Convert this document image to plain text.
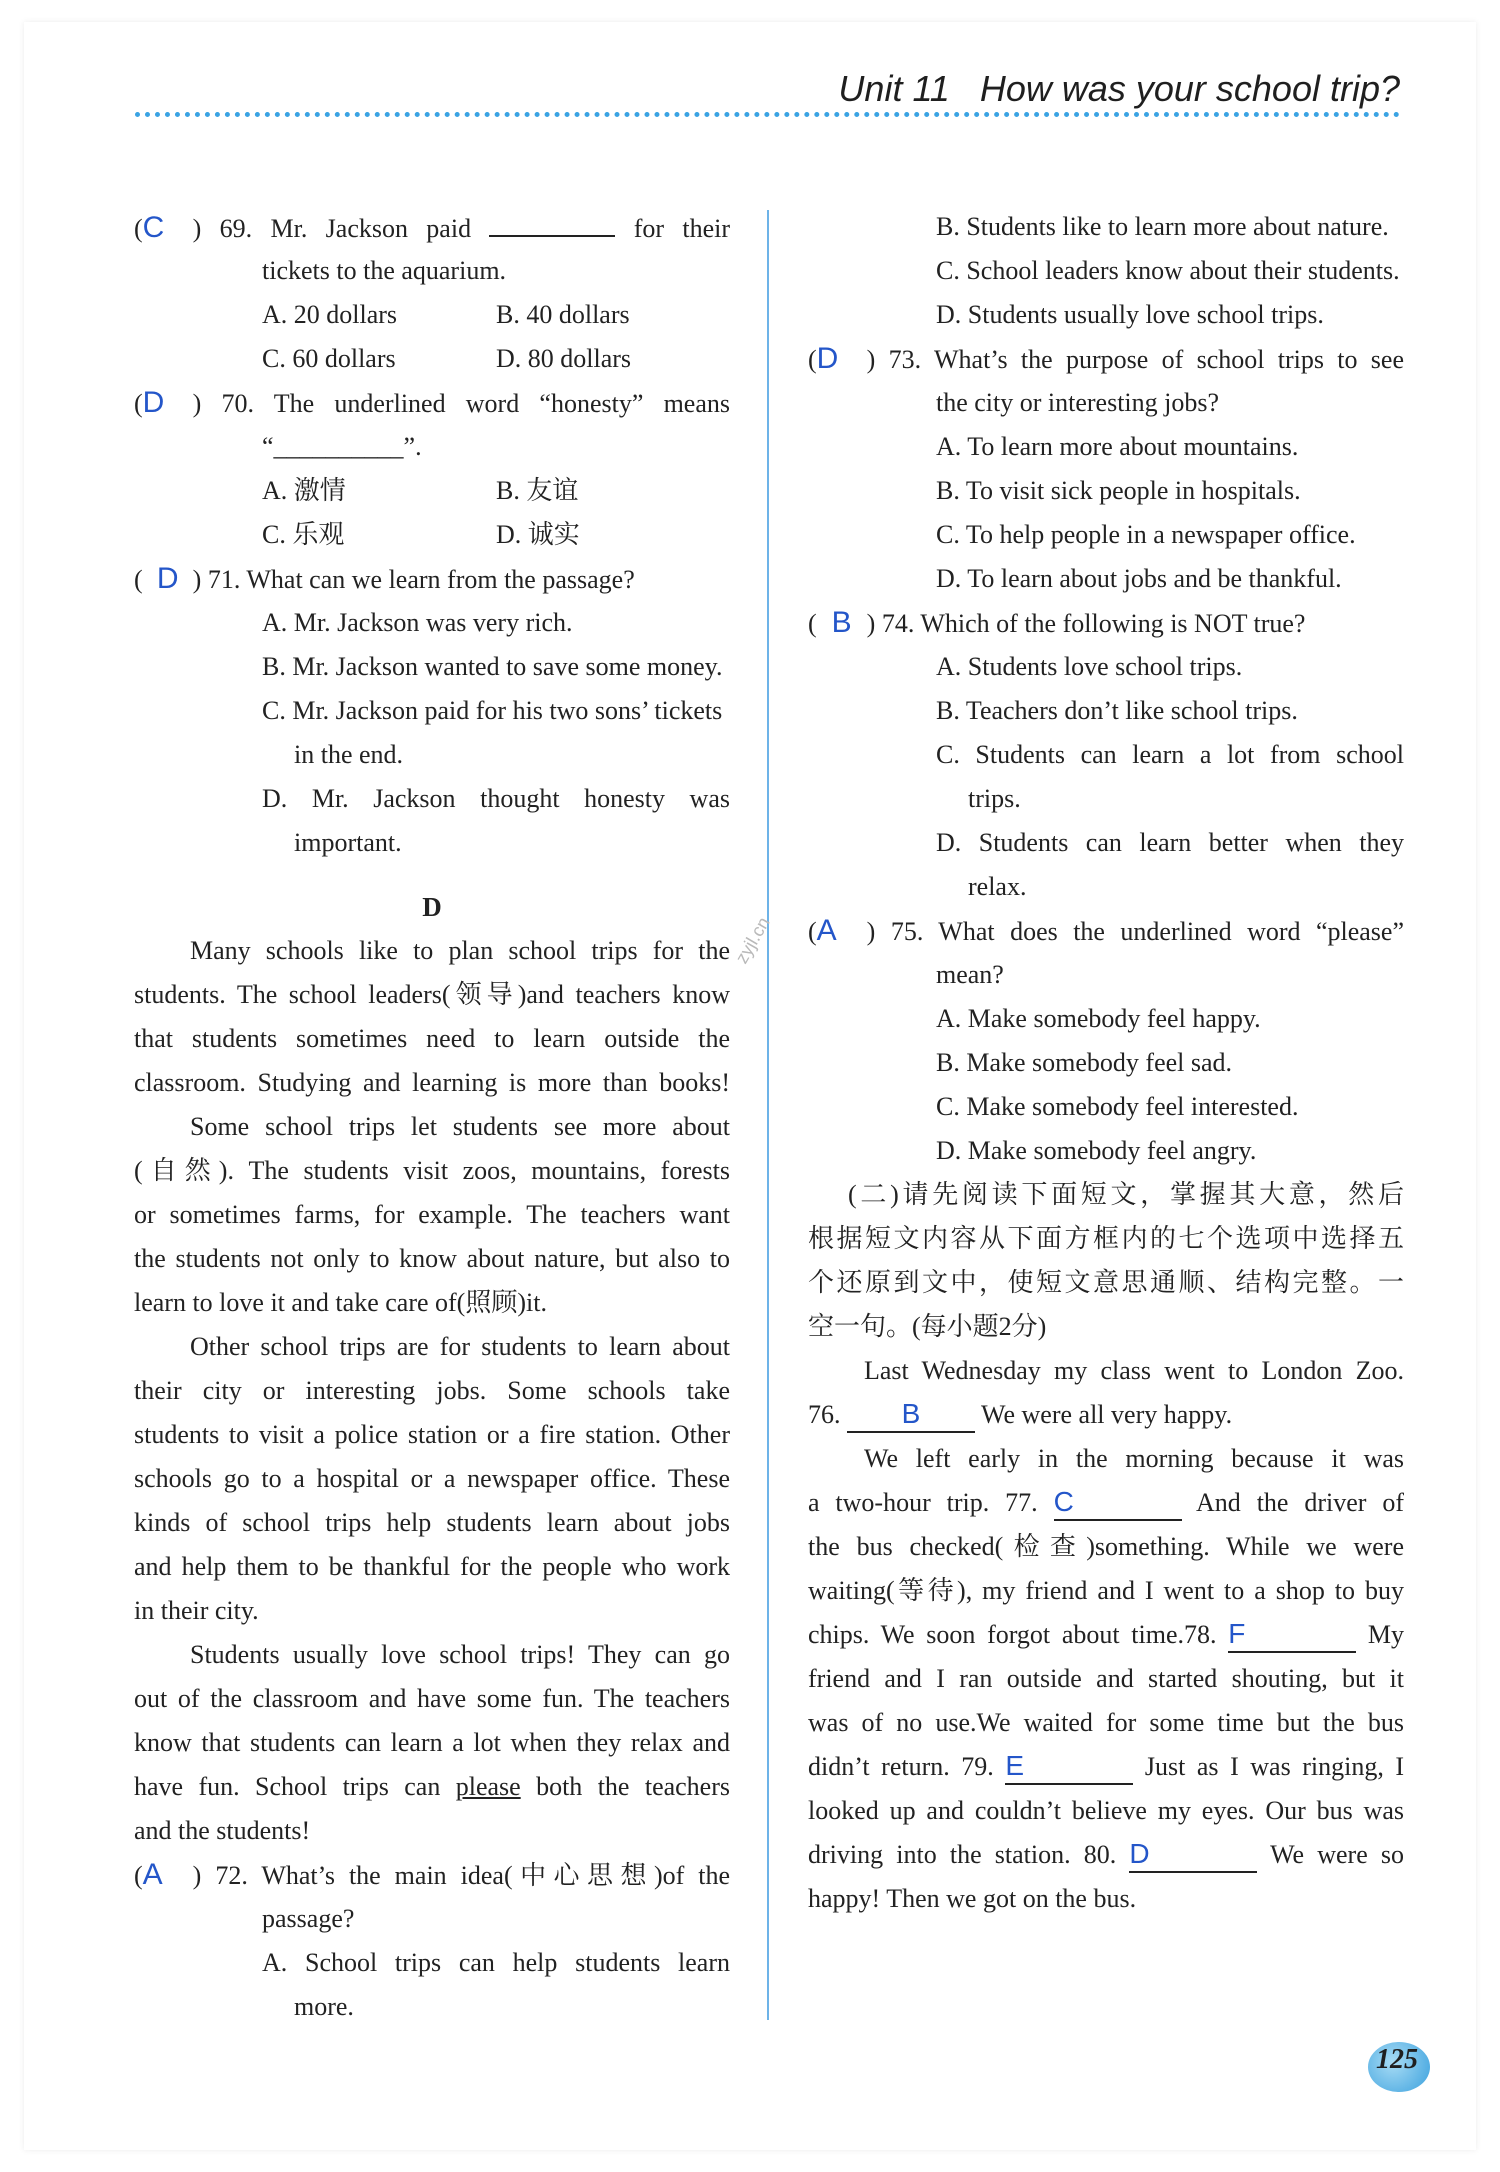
Unit 11 How was your school trip?
zyjl.cn
(C ) 69. Mr. Jackson paid	for their
tickets to the aquarium.
A. 20 dollars	B. 40 dollars
C. 60 dollars	D. 80 dollars
(D ) 70. The underlined word “honesty” means
“__________”.
A. 激情	B. 友谊
C. 乐观	D. 诚实
( D ) 71. What can we learn from the passage?
A. Mr. Jackson was very rich.
B. Mr. Jackson wanted to save some money.
C. Mr. Jackson paid for his two sons’ tickets
in the end.
D. Mr. Jackson thought honesty was
important.
D
Many schools like to plan school trips for the
students. The school leaders(领导)and teachers know
that students sometimes need to learn outside the
classroom. Studying and learning is more than books!
Some school trips let students see more about
(自然). The students visit zoos, mountains, forests
or sometimes farms, for example. The teachers want
the students not only to know about nature, but also to
learn to love it and take care of(照顾)it.
Other school trips are for students to learn about
their city or interesting jobs. Some schools take
students to visit a police station or a fire station. Other
schools go to a hospital or a newspaper office. These
kinds of school trips help students learn about jobs
and help them to be thankful for the people who work
in their city.
Students usually love school trips! They can go
out of the classroom and have some fun. The teachers
know that students can learn a lot when they relax and
have fun. School trips can please both the teachers
and the students!
(A ) 72. What’s the main idea(中心思想)of the
passage?
A. School trips can help students learn
more.
B. Students like to learn more about nature.
C. School leaders know about their students.
D. Students usually love school trips.
(D ) 73. What’s the purpose of school trips to see
the city or interesting jobs?
A. To learn more about mountains.
B. To visit sick people in hospitals.
C. To help people in a newspaper office.
D. To learn about jobs and be thankful.
( B ) 74. Which of the following is NOT true?
A. Students love school trips.
B. Teachers don’t like school trips.
C. Students can learn a lot from school
trips.
D. Students can learn better when they
relax.
(A ) 75. What does the underlined word “please”
mean?
A. Make somebody feel happy.
B. Make somebody feel sad.
C. Make somebody feel interested.
D. Make somebody feel angry.
(二)请先阅读下面短文，掌握其大意，然后
根据短文内容从下面方框内的七个选项中选择五
个还原到文中，使短文意思通顺、结构完整。一
空一句。(每小题2分)
Last Wednesday my class went to London Zoo.
76. B We were all very happy.
We left early in the morning because it was
a two-hour trip. 77. C	And the driver of
the bus checked(检查)something. While we were
waiting(等待), my friend and I went to a shop to buy
chips. We soon forgot about time.78. F	My
friend and I ran outside and started shouting, but it
was of no use.We waited for some time but the bus
didn’t return. 79. E	Just as I was ringing, I
looked up and couldn’t believe my eyes. Our bus was
driving into the station. 80. D	We were so
happy! Then we got on the bus.
125
